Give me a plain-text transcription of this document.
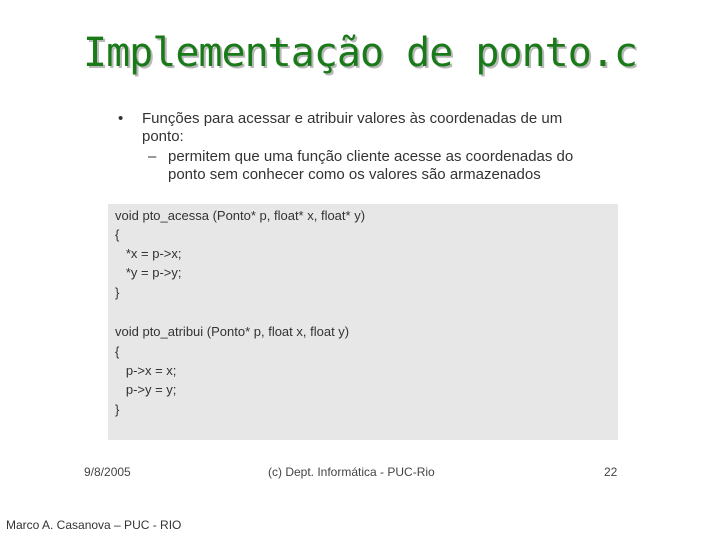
Implementação de ponto.c
• Funções para acessar e atribuir valores às coordenadas de um ponto:
– permitem que uma função cliente acesse as coordenadas do ponto sem conhecer como os valores são armazenados
void pto_acessa (Ponto* p, float* x, float* y)
{
*x = p->x;
*y = p->y;
}
void pto_atribui (Ponto* p, float x, float y)
{
p->x = x;
p->y = y;
}
9/8/2005	(c) Dept. Informática - PUC-Rio	22
Marco A. Casanova – PUC - RIO
